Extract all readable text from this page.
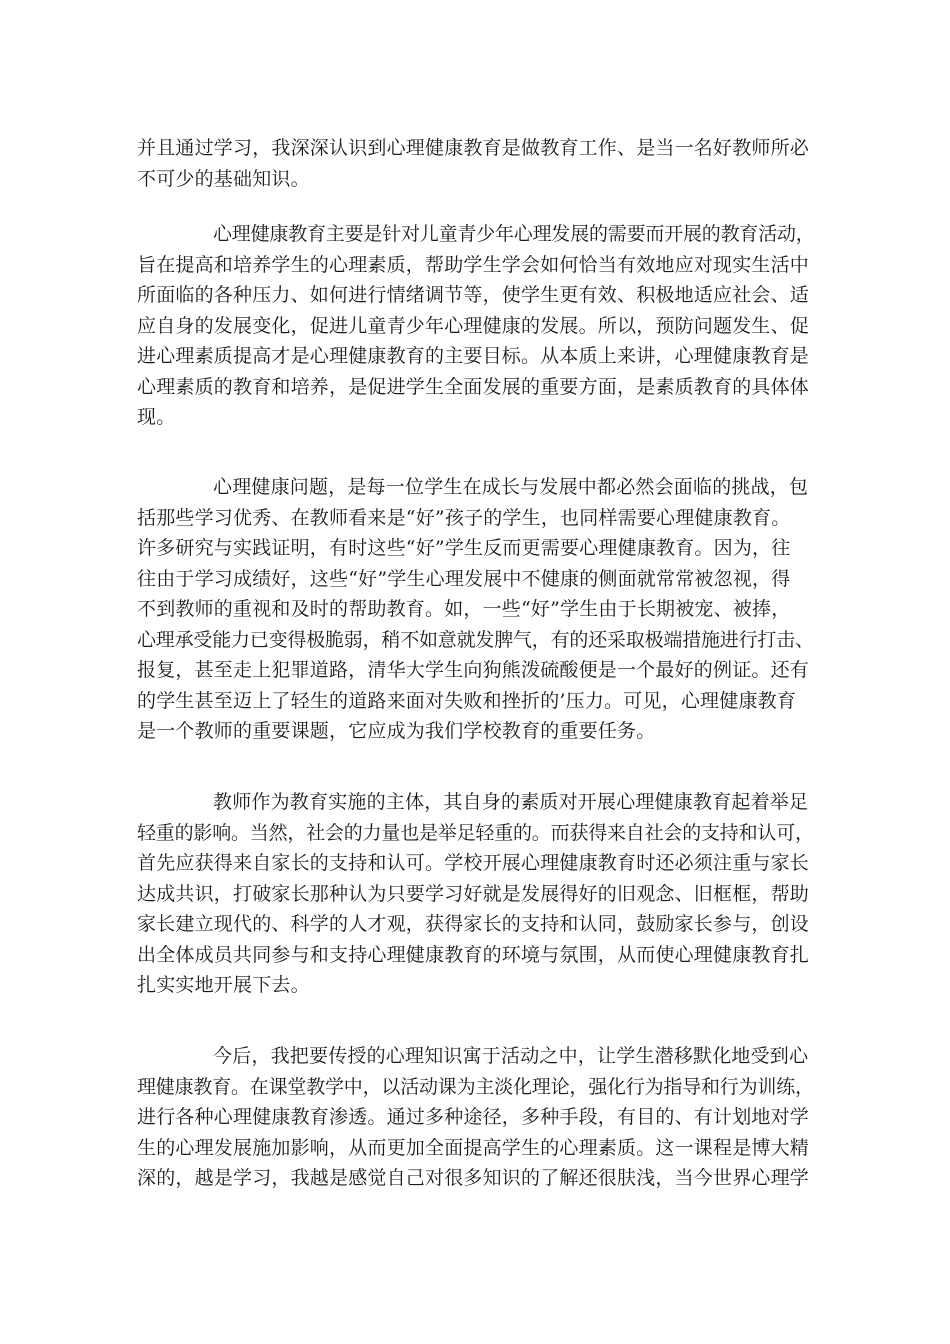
并且通过学习，我深深认识到心理健康教育是做教育工作、是当一名好教师所必
不可少的基础知识。
心理健康教育主要是针对儿童青少年心理发展的需要而开展的教育活动，
旨在提高和培养学生的心理素质，帮助学生学会如何恰当有效地应对现实生活中
所面临的各种压力、如何进行情绪调节等，使学生更有效、积极地适应社会、适
应自身的发展变化，促进儿童青少年心理健康的发展。所以，预防问题发生、促
进心理素质提高才是心理健康教育的主要目标。从本质上来讲，心理健康教育是
心理素质的教育和培养，是促进学生全面发展的重要方面，是素质教育的具体体
现。
心理健康问题，是每一位学生在成长与发展中都必然会面临的挑战，包
括那些学习优秀、在教师看来是“好”孩子的学生，也同样需要心理健康教育。
许多研究与实践证明，有时这些“好”学生反而更需要心理健康教育。因为，往
往由于学习成绩好，这些“好”学生心理发展中不健康的侧面就常常被忽视，得
不到教师的重视和及时的帮助教育。如，一些“好”学生由于长期被宠、被捧，
心理承受能力已变得极脆弱，稍不如意就发脾气，有的还采取极端措施进行打击、
报复，甚至走上犯罪道路，清华大学生向狗熊泼硫酸便是一个最好的例证。还有
的学生甚至迈上了轻生的道路来面对失败和挫折的’压力。可见，心理健康教育
是一个教师的重要课题，它应成为我们学校教育的重要任务。
教师作为教育实施的主体，其自身的素质对开展心理健康教育起着举足
轻重的影响。当然，社会的力量也是举足轻重的。而获得来自社会的支持和认可，
首先应获得来自家长的支持和认可。学校开展心理健康教育时还必须注重与家长
达成共识，打破家长那种认为只要学习好就是发展得好的旧观念、旧框框，帮助
家长建立现代的、科学的人才观，获得家长的支持和认同，鼓励家长参与，创设
出全体成员共同参与和支持心理健康教育的环境与氛围，从而使心理健康教育扎
扎实实地开展下去。
今后，我把要传授的心理知识寓于活动之中，让学生潜移默化地受到心
理健康教育。在课堂教学中，以活动课为主淡化理论，强化行为指导和行为训练，
进行各种心理健康教育渗透。通过多种途径，多种手段，有目的、有计划地对学
生的心理发展施加影响，从而更加全面提高学生的心理素质。这一课程是博大精
深的，越是学习，我越是感觉自己对很多知识的了解还很肤浅，当今世界心理学
